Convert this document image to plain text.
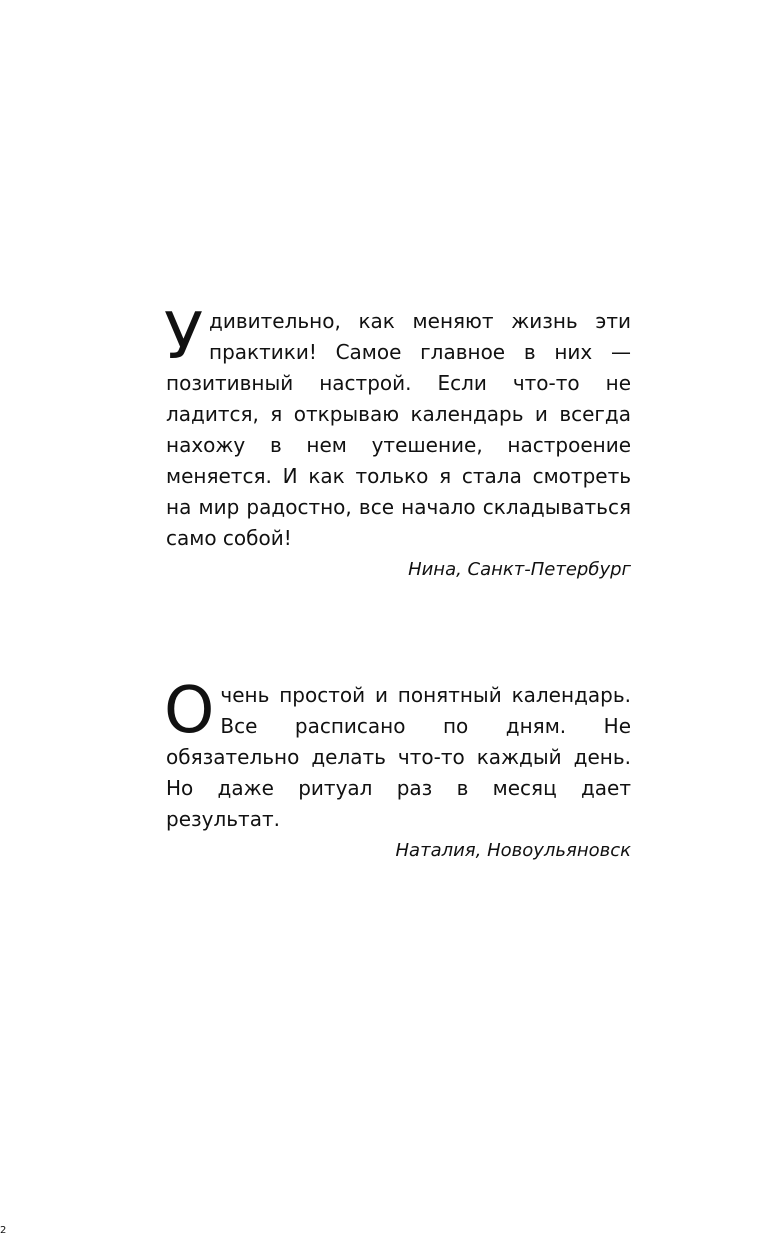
Удивительно, как меняют жизнь эти практики! Самое главное в них — позитивный настрой. Если что-то не ладится, я открываю календарь и всегда нахожу в нем утешение, настроение меняется. И как только я стала смотреть на мир радостно, все начало складываться само собой!

Нина, Санкт-Петербург

Очень простой и понятный календарь. Все расписано по дням. Не обязательно делать что-то каждый день. Но даже ритуал раз в месяц дает результат.

Наталия, Новоульяновск
2
